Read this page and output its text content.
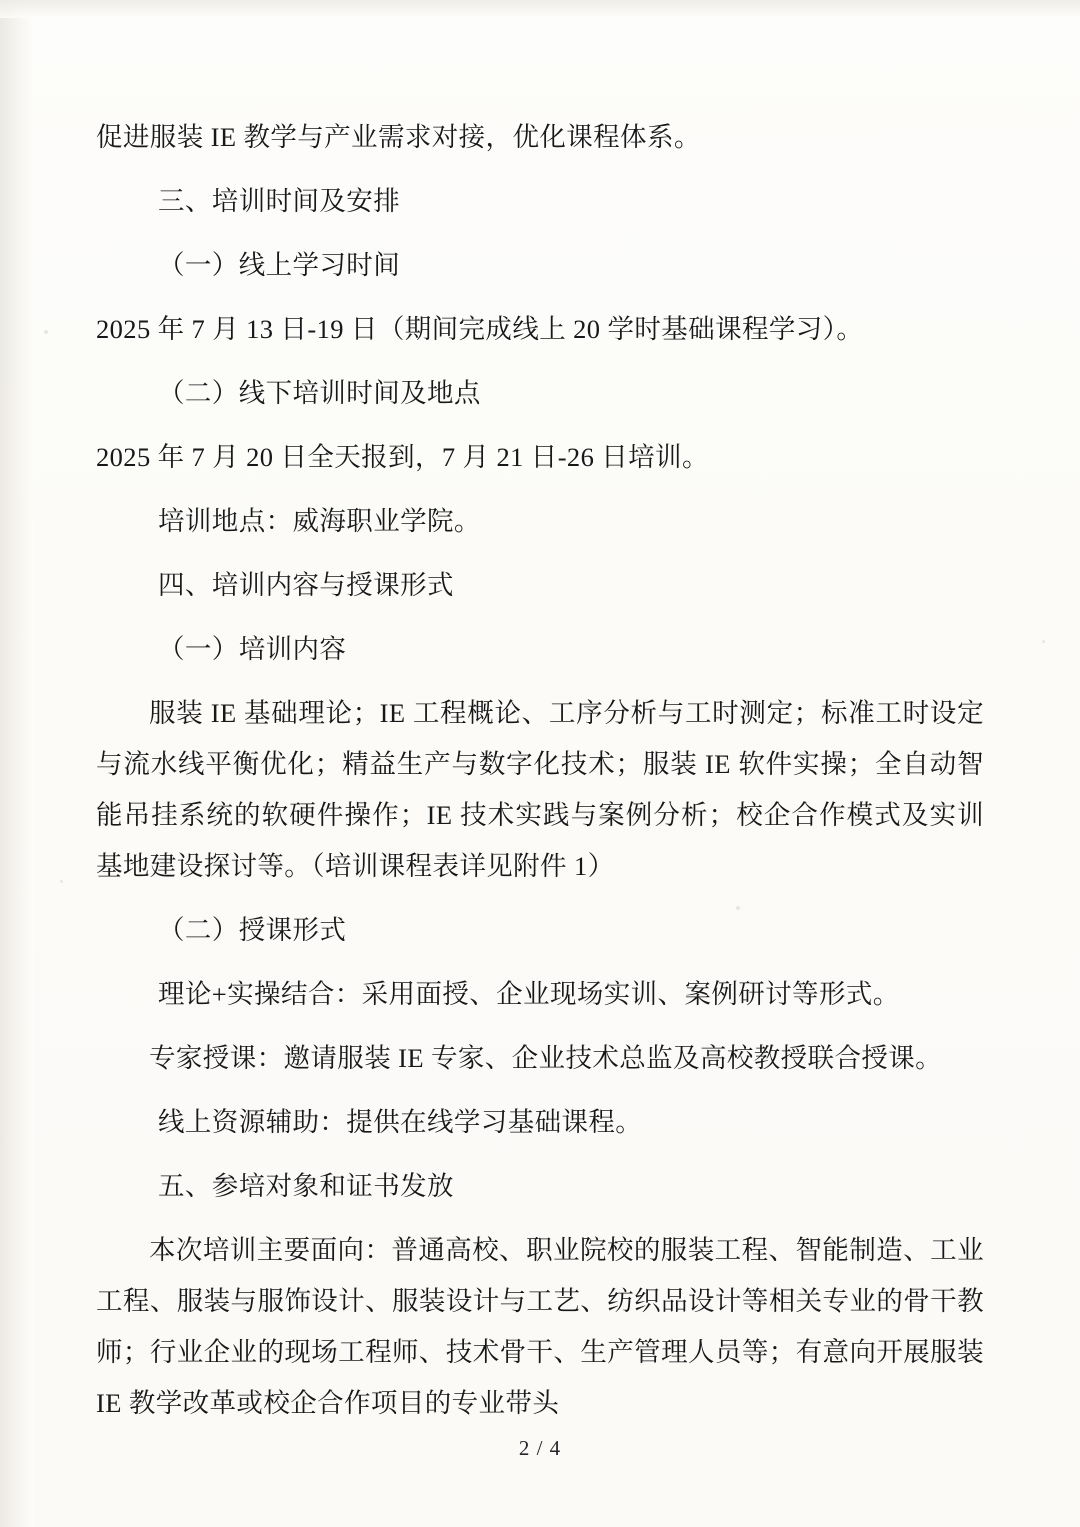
促进服装 IE 教学与产业需求对接，优化课程体系。

三、培训时间及安排

（一）线上学习时间

2025 年 7 月 13 日-19 日（期间完成线上 20 学时基础课程学习）。

（二）线下培训时间及地点

2025 年 7 月 20 日全天报到，7 月 21 日-26 日培训。

培训地点：威海职业学院。

四、培训内容与授课形式

（一）培训内容

服装 IE 基础理论；IE 工程概论、工序分析与工时测定；标准工时设定与流水线平衡优化；精益生产与数字化技术；服装 IE 软件实操；全自动智能吊挂系统的软硬件操作；IE 技术实践与案例分析；校企合作模式及实训基地建设探讨等。（培训课程表详见附件 1）

（二）授课形式

理论+实操结合：采用面授、企业现场实训、案例研讨等形式。

专家授课：邀请服装 IE 专家、企业技术总监及高校教授联合授课。

线上资源辅助：提供在线学习基础课程。

五、参培对象和证书发放

本次培训主要面向：普通高校、职业院校的服装工程、智能制造、工业工程、服装与服饰设计、服装设计与工艺、纺织品设计等相关专业的骨干教师；行业企业的现场工程师、技术骨干、生产管理人员等；有意向开展服装 IE 教学改革或校企合作项目的专业带头

2 / 4
